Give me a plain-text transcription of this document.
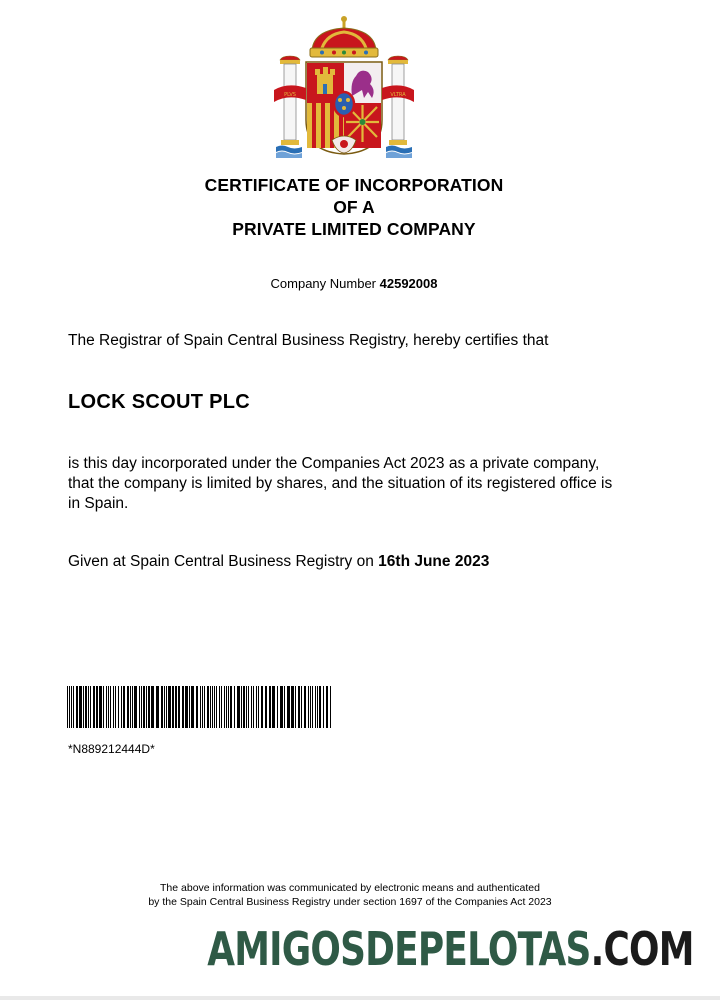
PLVS	VLTRA
CERTIFICATE OF INCORPORATION
OF A
PRIVATE LIMITED COMPANY
Company Number 42592008
The Registrar of Spain Central Business Registry, hereby certifies that
LOCK SCOUT PLC
is this day incorporated under the Companies Act 2023 as a private company, that the company is limited by shares, and the situation of its registered office is in Spain.
Given at Spain Central Business Registry on 16th June 2023
*N889212444D*
The above information was communicated by electronic means and authenticated
by the Spain Central Business Registry under section 1697 of the Companies Act 2023
AMIGOSDEPELOTAS.COM
